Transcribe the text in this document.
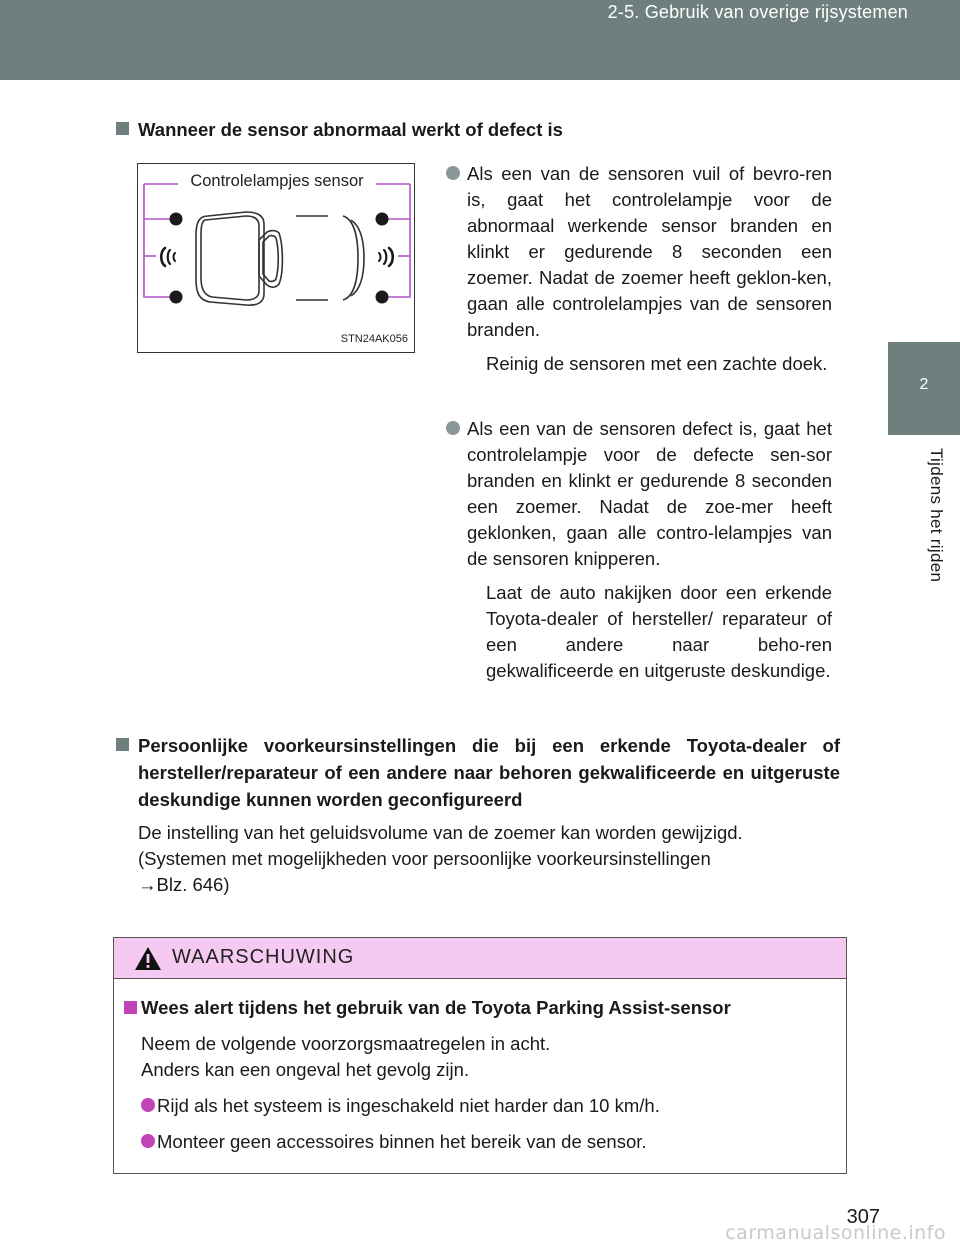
2-5. Gebruik van overige rijsystemen
2
Tijdens het rijden
Wanneer de sensor abnormaal werkt of defect is
Controlelampjes sensor
STN24AK056

Als een van de sensoren vuil of bevro-ren is, gaat het controlelampje voor de abnormaal werkende sensor branden en klinkt er gedurende 8 seconden een zoemer. Nadat de zoemer heeft geklon-ken, gaan alle controlelampjes van de sensoren branden.

Reinig de sensoren met een zachte doek.

Als een van de sensoren defect is, gaat het controlelampje voor de defecte sen-sor branden en klinkt er gedurende 8 seconden een zoemer. Nadat de zoe-mer heeft geklonken, gaan alle contro-lelampjes van de sensoren knipperen.

Laat de auto nakijken door een erkende Toyota-dealer of hersteller/ reparateur of een andere naar beho-ren gekwalificeerde en uitgeruste deskundige.

Persoonlijke voorkeursinstellingen die bij een erkende Toyota-dealer of hersteller/reparateur of een andere naar behoren gekwalificeerde en uitgeruste deskundige kunnen worden geconfigureerd
De instelling van het geluidsvolume van de zoemer kan worden gewijzigd.
(Systemen met mogelijkheden voor persoonlijke voorkeursinstellingen
→Blz. 646)
WAARSCHUWING
Wees alert tijdens het gebruik van de Toyota Parking Assist-sensor

Neem de volgende voorzorgsmaatregelen in acht.
Anders kan een ongeval het gevolg zijn.

Rijd als het systeem is ingeschakeld niet harder dan 10 km/h.
Monteer geen accessoires binnen het bereik van de sensor.
307
carmanualsonline.info
